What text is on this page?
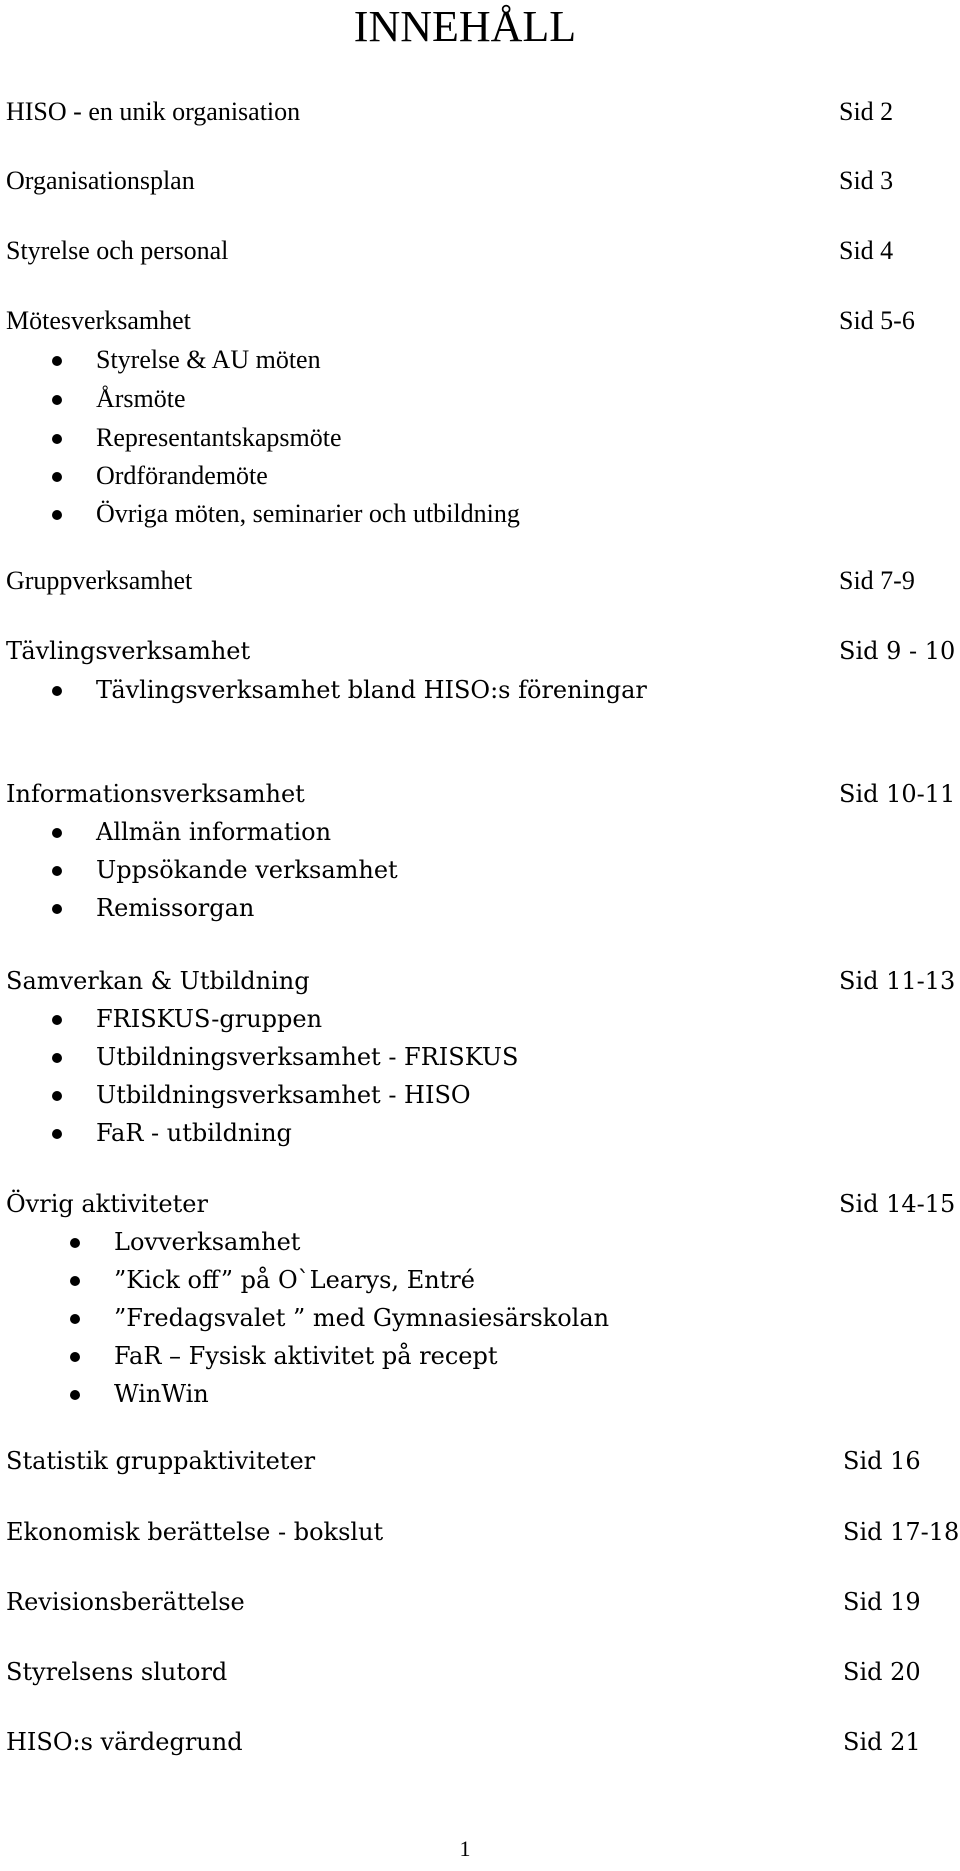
INNEHÅLL
HISO - en unik organisation	Sid 2
Organisationsplan	Sid 3
Styrelse och personal	Sid 4
Mötesverksamhet	Sid 5-6
Styrelse & AU möten
Årsmöte
Representantskapsmöte
Ordförandemöte
Övriga möten, seminarier och utbildning
Gruppverksamhet	Sid 7-9
Tävlingsverksamhet	Sid 9 - 10
Tävlingsverksamhet bland HISO:s föreningar
Informationsverksamhet	Sid 10-11
Allmän information
Uppsökande verksamhet
Remissorgan
Samverkan & Utbildning	Sid 11-13
FRISKUS-gruppen
Utbildningsverksamhet - FRISKUS
Utbildningsverksamhet - HISO
FaR - utbildning
Övrig aktiviteter	Sid 14-15
Lovverksamhet
”Kick off” på O`Learys, Entré
”Fredagsvalet ” med Gymnasiesärskolan
FaR – Fysisk aktivitet på recept
WinWin
Statistik gruppaktiviteter	Sid 16
Ekonomisk berättelse - bokslut	Sid 17-18
Revisionsberättelse	Sid 19
Styrelsens slutord	Sid 20
HISO:s värdegrund	Sid 21
1
